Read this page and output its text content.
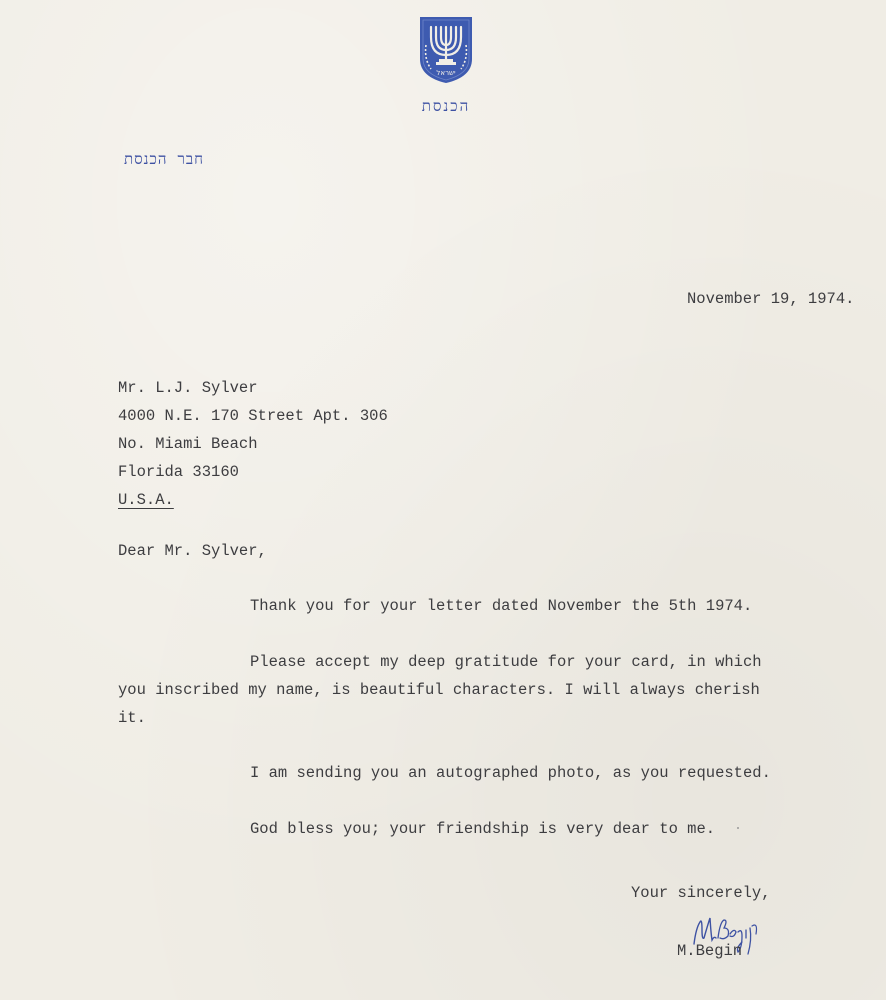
ישראל
הכנסת
חבר הכנסת
November 19, 1974.
Mr. L.J. Sylver
4000 N.E. 170 Street Apt. 306
No. Miami Beach
Florida 33160
U.S.A.
Dear Mr. Sylver,
Thank you for your letter dated November the 5th 1974.
Please accept my deep gratitude for your card, in which
you inscribed my name, is beautiful characters. I will always cherish
it.
I am sending you an autographed photo, as you requested.
God bless you; your friendship is very dear to me.
Your sincerely,
M.Begin
